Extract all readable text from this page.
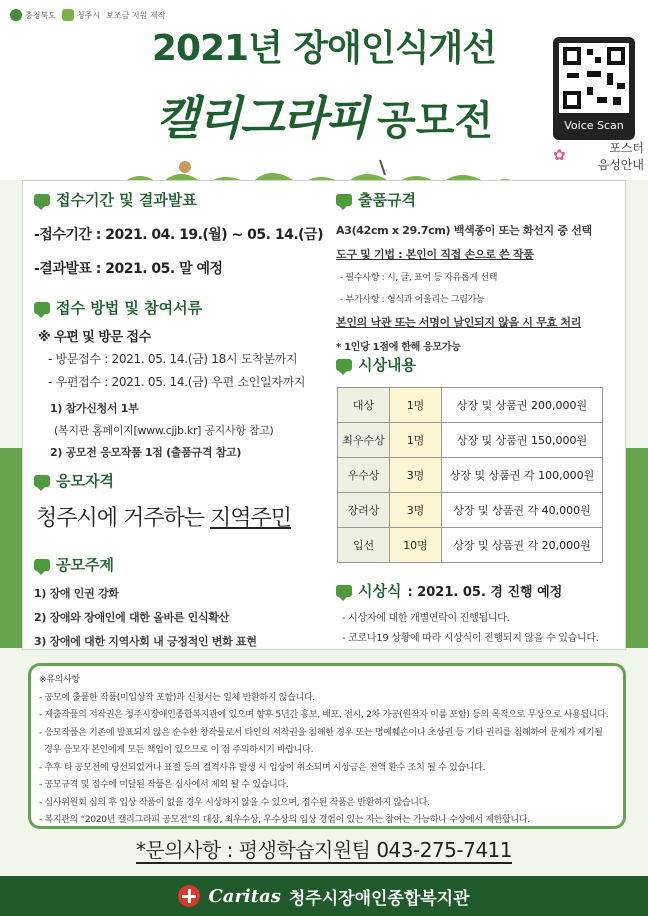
충청북도	청주시 보조금 지원 제작
2021년 장애인식개선
캘리그라피 공모전	Voice Scan
✿	포스터
음성안내
접수기간 및 결과발표
-접수기간 : 2021. 04. 19.(월) ~ 05. 14.(금)
-결과발표 : 2021. 05. 말 예정
접수 방법 및 참여서류
※ 우편 및 방문 접수
- 방문접수 : 2021. 05. 14.(금) 18시 도착분까지
- 우편접수 : 2021. 05. 14.(금) 우편 소인일자까지
1) 참가신청서 1부
(복지관 홈페이지[www.cjjb.kr] 공지사항 참고)
2) 공모전 응모작품 1점 (출품규격 참고)
응모자격
청주시에 거주하는 지역주민
공모주제
1) 장애 인권 강화
2) 장애와 장애인에 대한 올바른 인식확산
3) 장애에 대한 지역사회 내 긍정적인 변화 표현
출품규격
A3(42cm x 29.7cm) 백색종이 또는 화선지 중 선택
도구 및 기법 : 본인이 직접 손으로 쓴 작품
- 필수사항 : 시, 글, 표어 등 자유롭게 선택
- 부가사항 : 형식과 어울리는 그림가능
본인의 낙관 또는 서명이 날인되지 않을 시 무효 처리
* 1인당 1점에 한해 응모가능
시상내용
대상	1명	상장 및 상품권 200,000원
최우수상	1명	상장 및 상품권 150,000원
우수상	3명	상장 및 상품권 각 100,000원
장려상	3명	상장 및 상품권 각 40,000원
입선	10명	상장 및 상품권 각 20,000원
시상식 : 2021. 05. 경 진행 예정
- 시상자에 대한 개별연락이 진행됩니다.
- 코로나19 상황에 따라 시상식이 진행되지 않을 수 있습니다.
※유의사항
- 공모에 출품한 작품(미입상작 포함)과 신청서는 일체 반환하지 않습니다.
- 제출작품의 저작권은 청주시장애인종합복지관에 있으며 향후 5년간 홍보, 배포, 전시, 2차 가공(원작자 이름 포함) 등의 목적으로 무상으로 사용됩니다.
- 응모작품은 기존에 발표되지 않은 순수한 창작물로서 타인의 저작권을 침해한 경우 또는 명예훼손이나 초상권 등 기타 권리를 침해하여 문제가 제기될
경우 응모자 본인에게 모든 책임이 있으므로 이 점 주의하시기 바랍니다.
- 추후 타 공모전에 당선되었거나 표절 등의 결격사유 발생 시 입상이 취소되며 시상금은 전액 환수 조치 될 수 있습니다.
- 공모규격 및 접수에 미달된 작품은 심사에서 제외 될 수 있습니다.
- 심사위원회 심의 후 입상 작품이 없을 경우 시상하지 않을 수 있으며, 접수된 작품은 반환하지 않습니다.
- 복지관의 “2020년 캘리그라피 공모전”의 대상, 최우수상, 우수상의 입상 경험이 있는 자는 참여는 가능하나 수상에서 제한합니다.
*문의사항 : 평생학습지원팀 043-275-7411
Caritas 청주시장애인종합복지관
